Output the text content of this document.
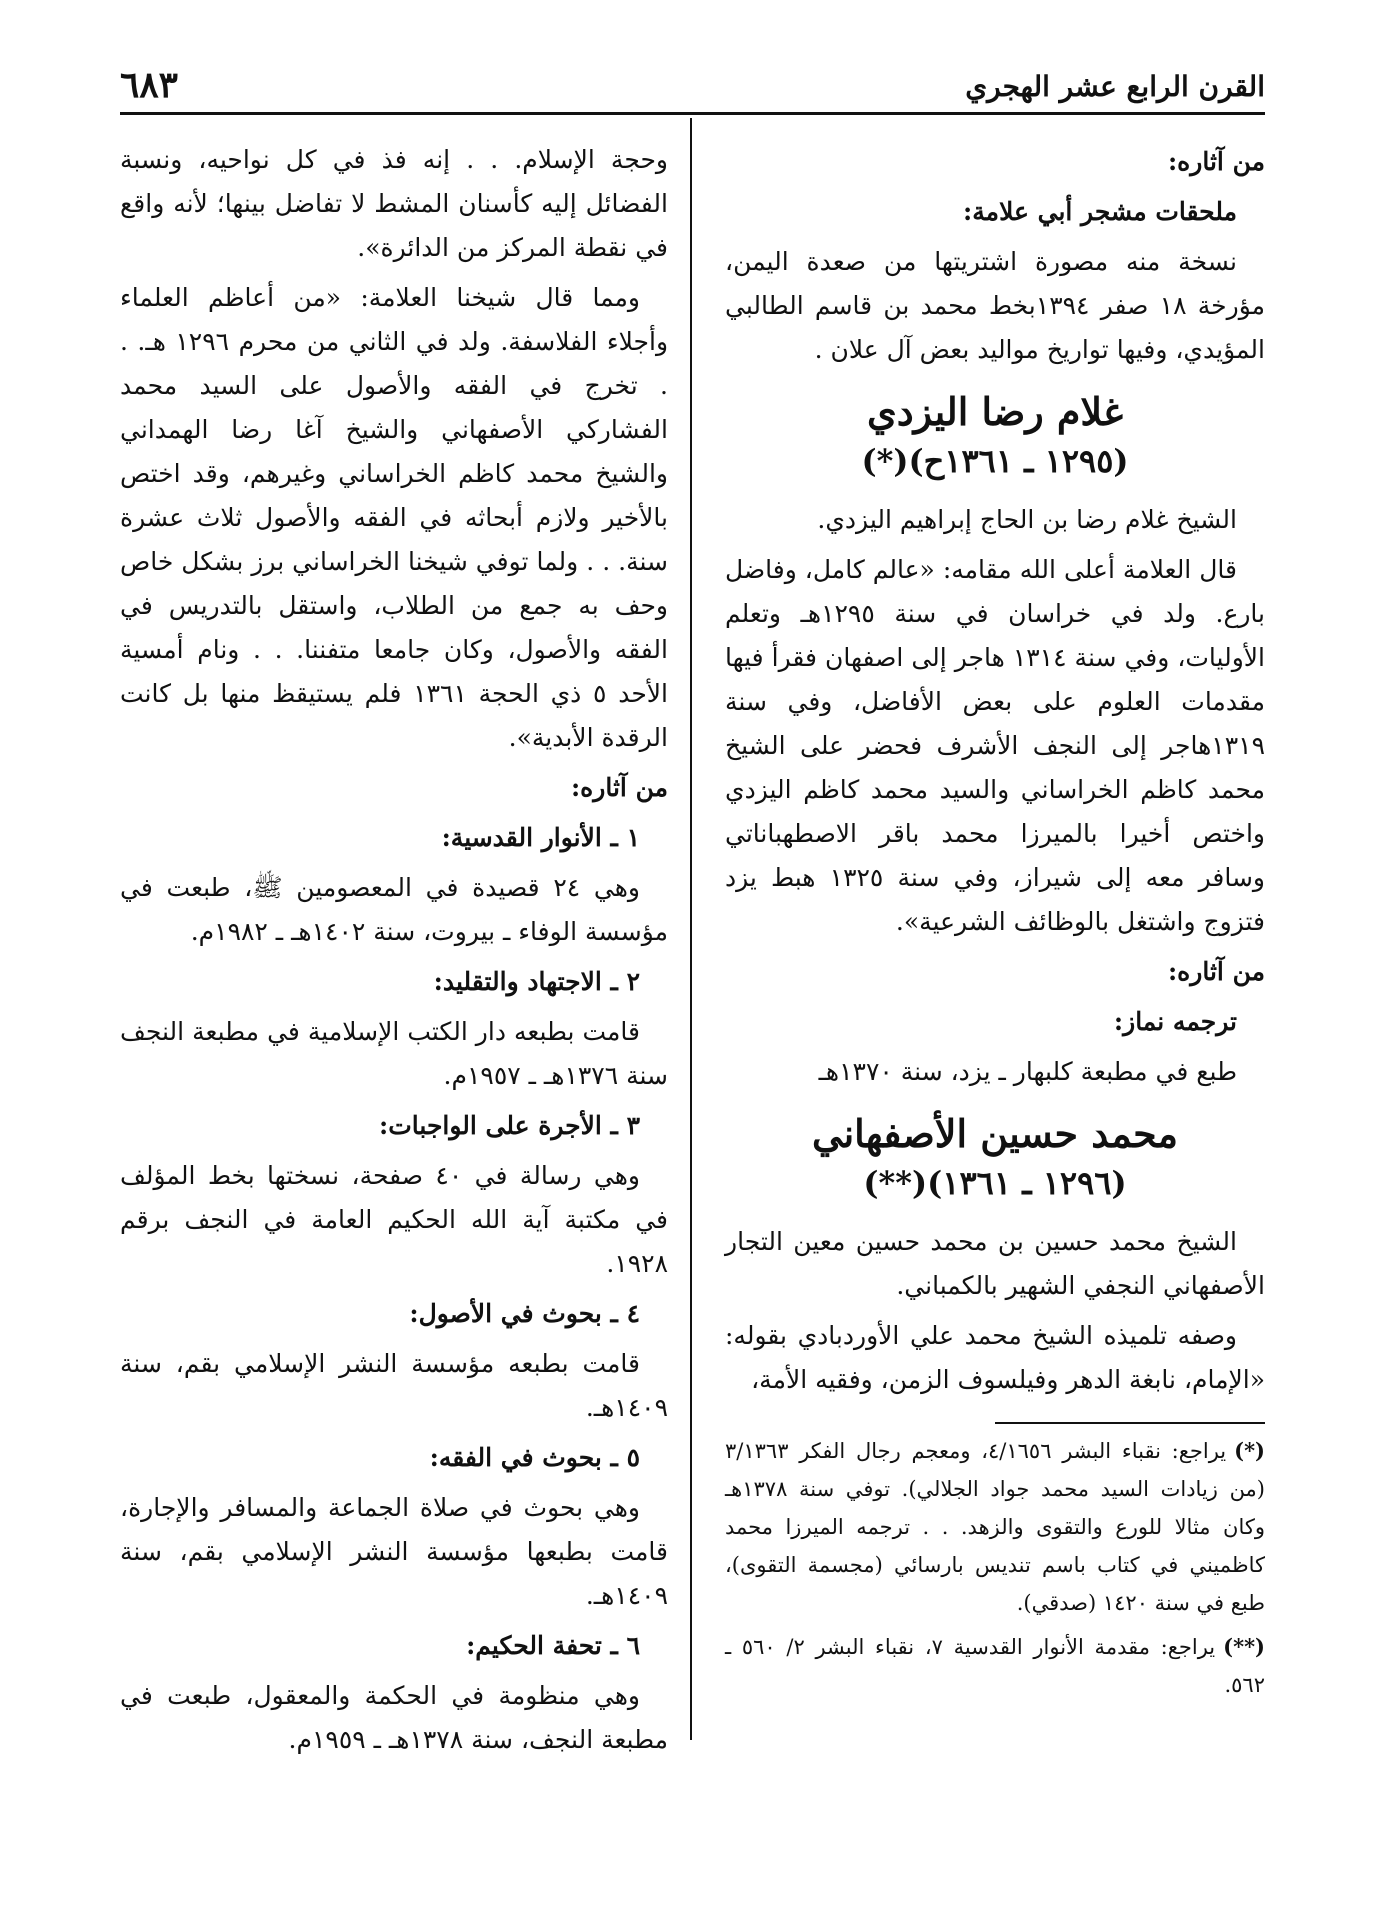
القرن الرابع عشر الهجري
٦٨٣

من آثاره:

ملحقات مشجر أبي علامة:

نسخة منه مصورة اشتريتها من صعدة اليمن، مؤرخة ١٨ صفر ١٣٩٤بخط محمد بن قاسم الطالبي المؤيدي، وفيها تواريخ مواليد بعض آل علان .

غلام رضا اليزدي
(١٢٩٥ ـ ١٣٦١ح)(*)

الشيخ غلام رضا بن الحاج إبراهيم اليزدي.

قال العلامة أعلى الله مقامه: «عالم كامل، وفاضل بارع. ولد في خراسان في سنة ١٢٩٥هـ وتعلم الأوليات، وفي سنة ١٣١٤ هاجر إلى اصفهان فقرأ فيها مقدمات العلوم على بعض الأفاضل، وفي سنة ١٣١٩هاجر إلى النجف الأشرف فحضر على الشيخ محمد كاظم الخراساني والسيد محمد كاظم اليزدي واختص أخيرا بالميرزا محمد باقر الاصطهباناتي وسافر معه إلى شيراز، وفي سنة ١٣٢٥ هبط يزد فتزوج واشتغل بالوظائف الشرعية».

من آثاره:

ترجمه نماز:

طبع في مطبعة كلبهار ـ يزد، سنة ١٣٧٠هـ

محمد حسين الأصفهاني
(١٢٩٦ ـ ١٣٦١)(**)

الشيخ محمد حسين بن محمد حسين معين التجار الأصفهاني النجفي الشهير بالكمباني.

وصفه تلميذه الشيخ محمد علي الأوردبادي بقوله: «الإمام، نابغة الدهر وفيلسوف الزمن، وفقيه الأمة،

وحجة الإسلام. . . إنه فذ في كل نواحيه، ونسبة الفضائل إليه كأسنان المشط لا تفاضل بينها؛ لأنه واقع في نقطة المركز من الدائرة».

ومما قال شيخنا العلامة: «من أعاظم العلماء وأجلاء الفلاسفة. ولد في الثاني من محرم ١٢٩٦ هـ. . . تخرج في الفقه والأصول على السيد محمد الفشاركي الأصفهاني والشيخ آغا رضا الهمداني والشيخ محمد كاظم الخراساني وغيرهم، وقد اختص بالأخير ولازم أبحاثه في الفقه والأصول ثلاث عشرة سنة. . . ولما توفي شيخنا الخراساني برز بشكل خاص وحف به جمع من الطلاب، واستقل بالتدريس في الفقه والأصول، وكان جامعا متفننا. . . ونام أمسية الأحد ٥ ذي الحجة ١٣٦١ فلم يستيقظ منها بل كانت الرقدة الأبدية».

من آثاره:

١ ـ الأنوار القدسية:

وهي ٢٤ قصيدة في المعصومين ﷺ، طبعت في مؤسسة الوفاء ـ بيروت، سنة ١٤٠٢هـ ـ ١٩٨٢م.

٢ ـ الاجتهاد والتقليد:

قامت بطبعه دار الكتب الإسلامية في مطبعة النجف سنة ١٣٧٦هـ ـ ١٩٥٧م.

٣ ـ الأجرة على الواجبات:

وهي رسالة في ٤٠ صفحة، نسختها بخط المؤلف في مكتبة آية الله الحكيم العامة في النجف برقم ١٩٢٨.

٤ ـ بحوث في الأصول:

قامت بطبعه مؤسسة النشر الإسلامي بقم، سنة ١٤٠٩هـ.

٥ ـ بحوث في الفقه:

وهي بحوث في صلاة الجماعة والمسافر والإجارة، قامت بطبعها مؤسسة النشر الإسلامي بقم، سنة ١٤٠٩هـ.

٦ ـ تحفة الحكيم:

وهي منظومة في الحكمة والمعقول، طبعت في مطبعة النجف، سنة ١٣٧٨هـ ـ ١٩٥٩م.

(*)يراجع: نقباء البشر ٤/١٦٥٦، ومعجم رجال الفكر ٣/١٣٦٣ (من زيادات السيد محمد جواد الجلالي). توفي سنة ١٣٧٨هـ وكان مثالا للورع والتقوى والزهد. . . ترجمه الميرزا محمد كاظميني في كتاب باسم تنديس بارسائي (مجسمة التقوى)، طبع في سنة ١٤٢٠ (صدقي).

(**)يراجع: مقدمة الأنوار القدسية ٧، نقباء البشر ٢/ ٥٦٠ ـ ٥٦٢.
